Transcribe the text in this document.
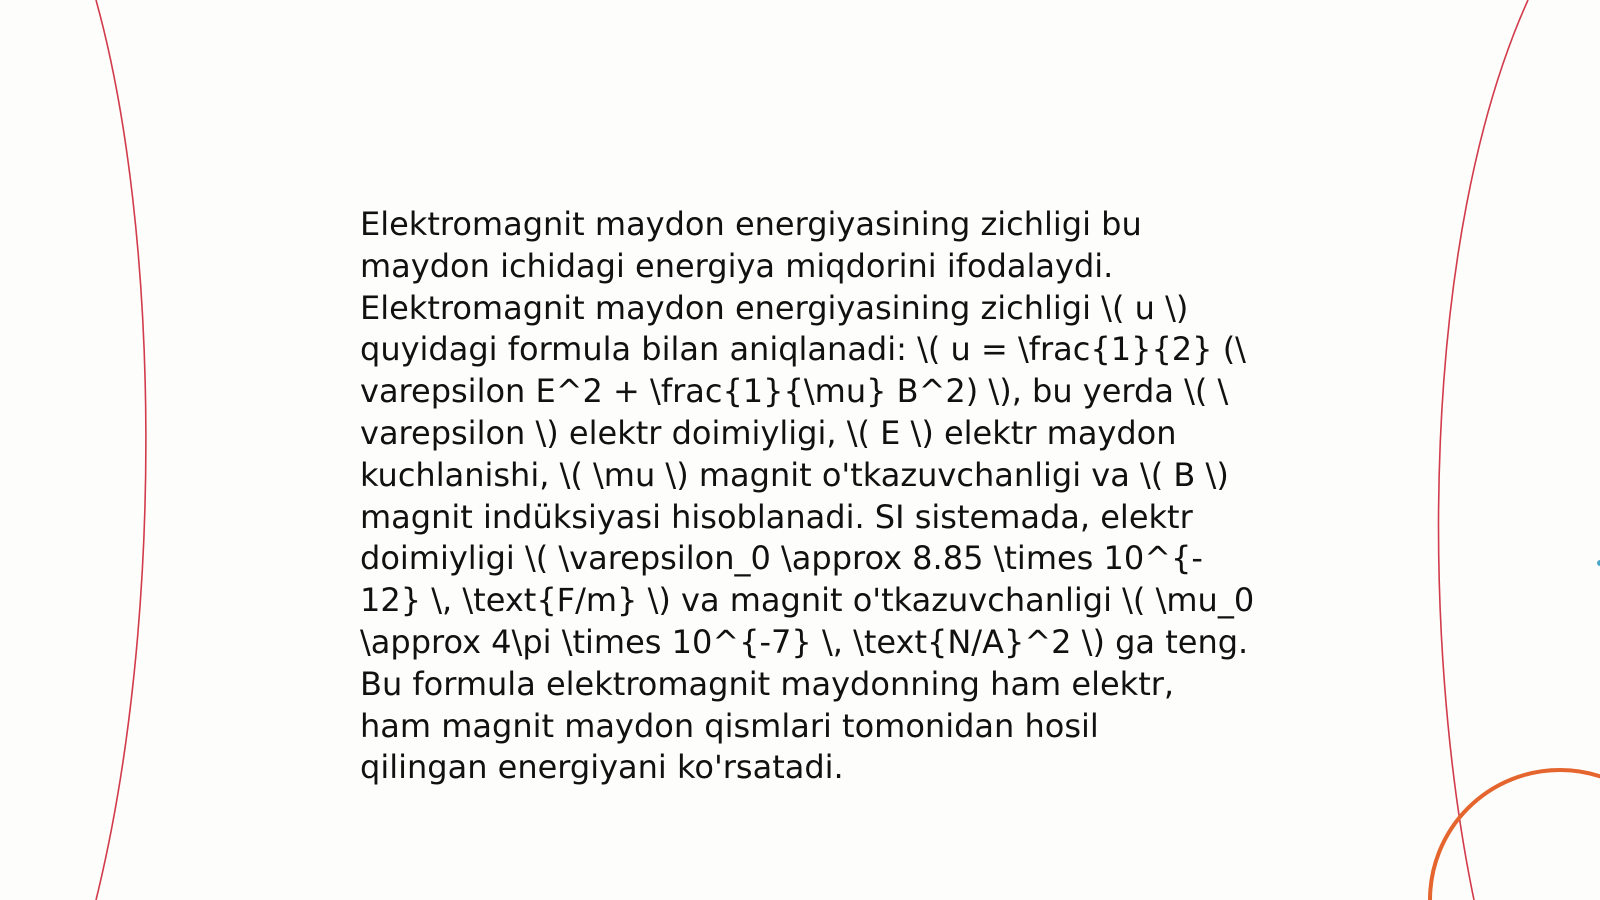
Elektromagnit maydon energiyasining zichligi bu
maydon ichidagi energiya miqdorini ifodalaydi.
Elektromagnit maydon energiyasining zichligi \( u \)
quyidagi formula bilan aniqlanadi: \( u = \frac{1}{2} (\
varepsilon E^2 + \frac{1}{\mu} B^2) \), bu yerda \( \
varepsilon \) elektr doimiyligi, \( E \) elektr maydon
kuchlanishi, \( \mu \) magnit o'tkazuvchanligi va \( B \)
magnit indüksiyasi hisoblanadi. SI sistemada, elektr
doimiyligi \( \varepsilon_0 \approx 8.85 \times 10^{-
12} \, \text{F/m} \) va magnit o'tkazuvchanligi \( \mu_0
\approx 4\pi \times 10^{-7} \, \text{N/A}^2 \) ga teng.
Bu formula elektromagnit maydonning ham elektr,
ham magnit maydon qismlari tomonidan hosil
qilingan energiyani ko'rsatadi.
